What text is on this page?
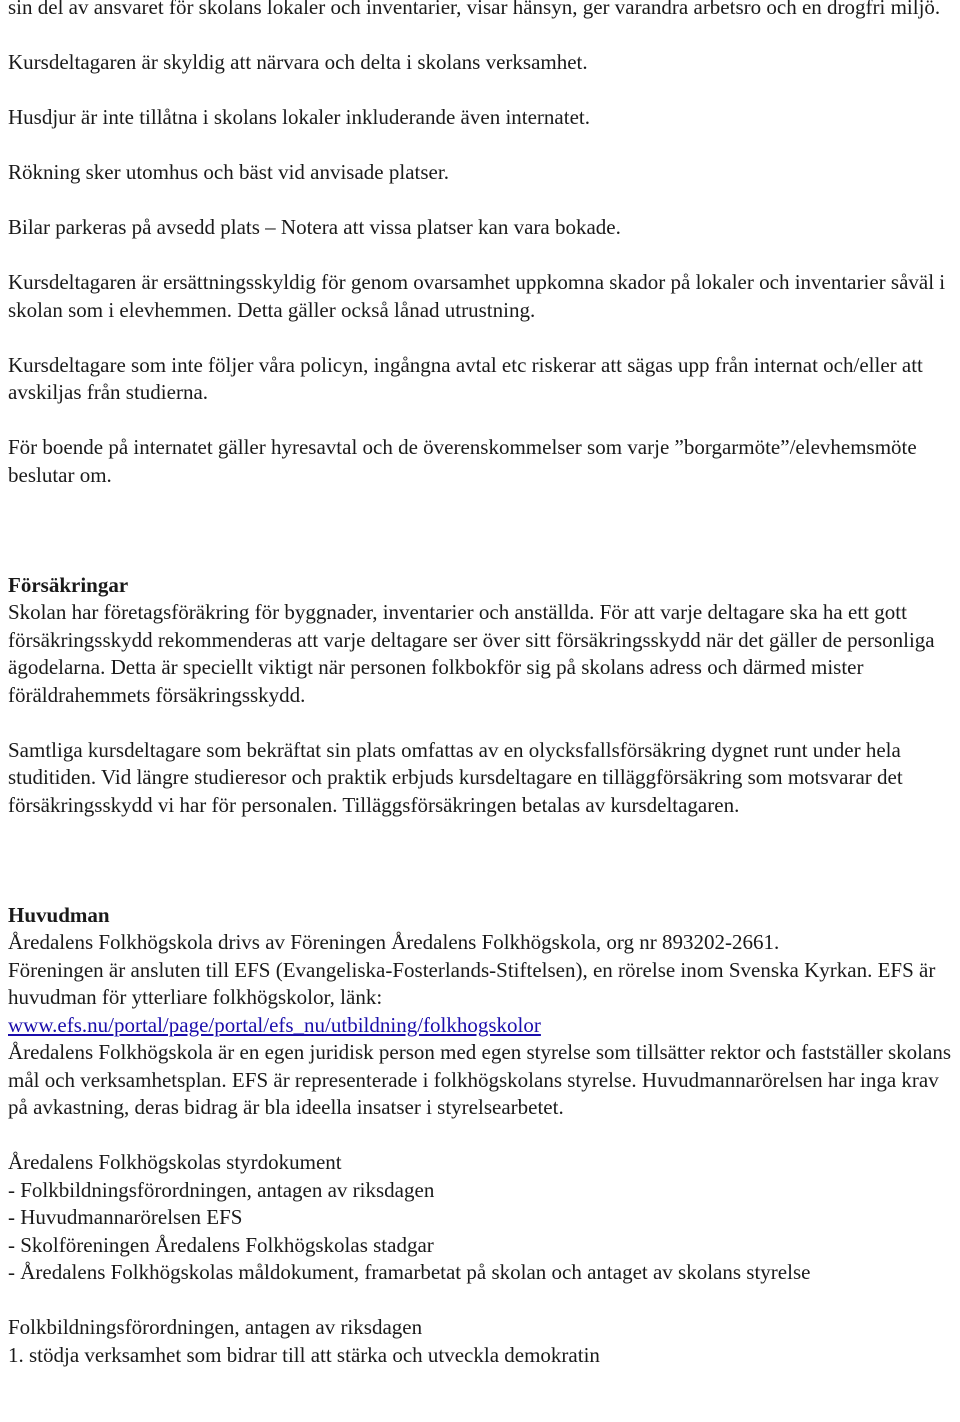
sin del av ansvaret för skolans lokaler och inventarier, visar hänsyn, ger varandra arbetsro och en drogfri miljö.

Kursdeltagaren är skyldig att närvara och delta i skolans verksamhet.

Husdjur är inte tillåtna i skolans lokaler inkluderande även internatet.

Rökning sker utomhus och bäst vid anvisade platser.

Bilar parkeras på avsedd plats – Notera att vissa platser kan vara bokade.

Kursdeltagaren är ersättningsskyldig för genom ovarsamhet uppkomna skador på lokaler och inventarier såväl i skolan som i elevhemmen. Detta gäller också lånad utrustning.

Kursdeltagare som inte följer våra policyn, ingångna avtal etc riskerar att sägas upp från internat och/eller att avskiljas från studierna.

För boende på internatet gäller hyresavtal och de överenskommelser som varje ”borgarmöte”/elevhemsmöte beslutar om.

Försäkringar

Skolan har företagsföräkring för byggnader, inventarier och anställda. För att varje deltagare ska ha ett gott försäkringsskydd rekommenderas att varje deltagare ser över sitt försäkringsskydd när det gäller de personliga ägodelarna. Detta är speciellt viktigt när personen folkbokför sig på skolans adress och därmed mister föräldrahemmets försäkringsskydd.

Samtliga kursdeltagare som bekräftat sin plats omfattas av en olycksfallsförsäkring dygnet runt under hela studitiden. Vid längre studieresor och praktik erbjuds kursdeltagare en tilläggförsäkring som motsvarar det försäkringsskydd vi har för personalen. Tilläggsförsäkringen betalas av kursdeltagaren.

Huvudman

Åredalens Folkhögskola drivs av Föreningen Åredalens Folkhögskola, org nr 893202-2661.

Föreningen är ansluten till EFS (Evangeliska-Fosterlands-Stiftelsen), en rörelse inom Svenska Kyrkan. EFS är huvudman för ytterliare folkhögskolor, länk:

www.efs.nu/portal/page/portal/efs_nu/utbildning/folkhogskolor

Åredalens Folkhögskola är en egen juridisk person med egen styrelse som tillsätter rektor och fastställer skolans mål och verksamhetsplan. EFS är representerade i folkhögskolans styrelse. Huvudmannarörelsen har inga krav på avkastning, deras bidrag är bla ideella insatser i styrelsearbetet.

Åredalens Folkhögskolas styrdokument

- Folkbildningsförordningen, antagen av riksdagen
- Huvudmannarörelsen EFS
- Skolföreningen Åredalens Folkhögskolas stadgar
- Åredalens Folkhögskolas måldokument, framarbetat på skolan och antaget av skolans styrelse

Folkbildningsförordningen, antagen av riksdagen

1. stödja verksamhet som bidrar till att stärka och utveckla demokratin
